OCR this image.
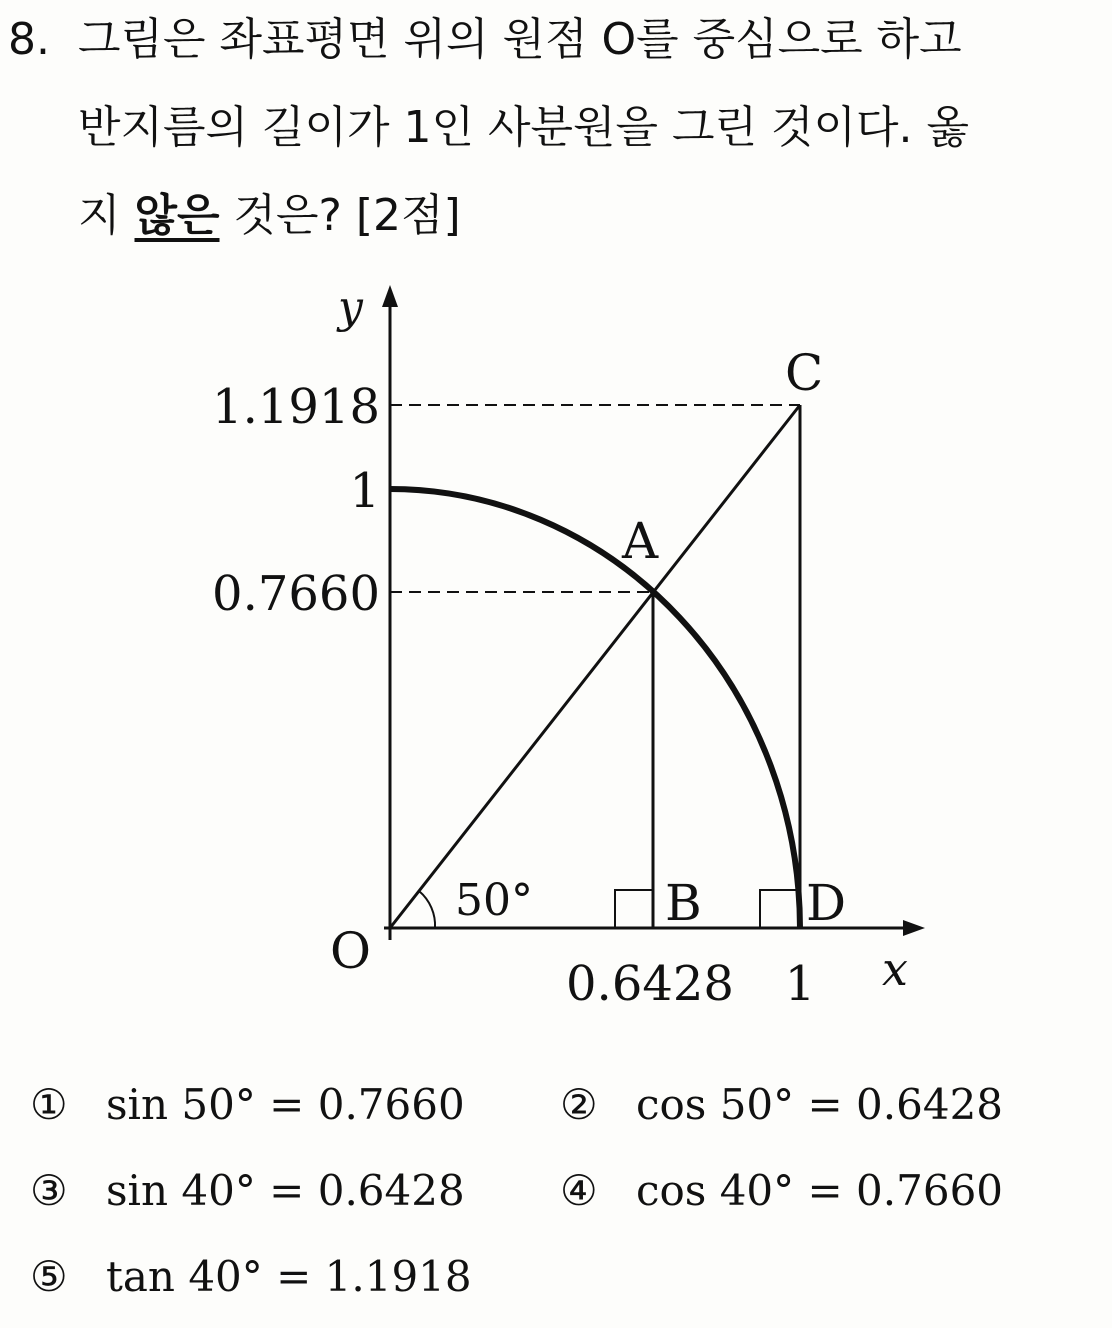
8. 그림은 좌표평면 위의 원점 O를 중심으로 하고
반지름의 길이가 1인 사분원을 그린 것이다. 옳
지 않은 것은? [2점]
y
x
O
C
A
B D
50°
1.1918
1
0.7660
0.6428 1
① sin 50° = 0.7660 ② cos 50° = 0.6428
③ sin 40° = 0.6428 ④ cos 40° = 0.7660
⑤ tan 40° = 1.1918
